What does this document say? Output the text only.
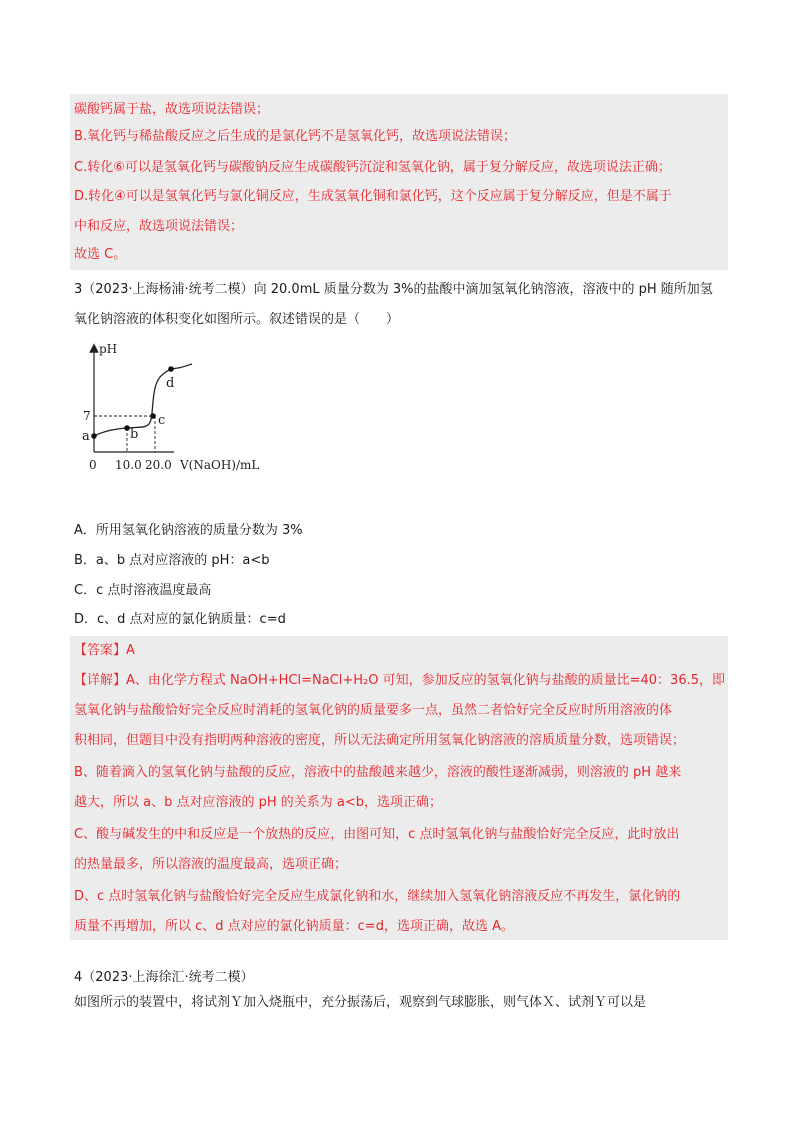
碳酸钙属于盐，故选项说法错误；
B.氧化钙与稀盐酸反应之后生成的是氯化钙不是氢氧化钙，故选项说法错误；
C.转化⑥可以是氢氧化钙与碳酸钠反应生成碳酸钙沉淀和氢氧化钠，属于复分解反应，故选项说法正确；
D.转化④可以是氢氧化钙与氯化铜反应，生成氢氧化铜和氯化钙，这个反应属于复分解反应，但是不属于
中和反应，故选项说法错误；
故选 C。
3（2023·上海杨浦·统考二模）向 20.0mL 质量分数为 3%的盐酸中滴加氢氧化钠溶液，溶液中的 pH 随所加氢
氧化钠溶液的体积变化如图所示。叙述错误的是（　　）
pH
a	b
c
d
7
0 10.0 20.0 V(NaOH)/mL
A．所用氢氧化钠溶液的质量分数为 3%
B．a、b 点对应溶液的 pH：a<b
C．c 点时溶液温度最高
D．c、d 点对应的氯化钠质量：c=d
【答案】A
【详解】A、由化学方程式 NaOH+HCl=NaCl+H₂O 可知，参加反应的氢氧化钠与盐酸的质量比=40：36.5，即
氢氧化钠与盐酸恰好完全反应时消耗的氢氧化钠的质量要多一点，虽然二者恰好完全反应时所用溶液的体
积相同，但题目中没有指明两种溶液的密度，所以无法确定所用氢氧化钠溶液的溶质质量分数，选项错误；
B、随着滴入的氢氧化钠与盐酸的反应，溶液中的盐酸越来越少，溶液的酸性逐渐减弱，则溶液的 pH 越来
越大，所以 a、b 点对应溶液的 pH 的关系为 a<b，选项正确；
C、酸与碱发生的中和反应是一个放热的反应，由图可知，c 点时氢氧化钠与盐酸恰好完全反应，此时放出
的热量最多，所以溶液的温度最高，选项正确；
D、c 点时氢氧化钠与盐酸恰好完全反应生成氯化钠和水，继续加入氢氧化钠溶液反应不再发生，氯化钠的
质量不再增加，所以 c、d 点对应的氯化钠质量：c=d，选项正确，故选 A。
4（2023·上海徐汇·统考二模）
如图所示的装置中，将试剂Ｙ加入烧瓶中，充分振荡后，观察到气球膨胀，则气体Ｘ、试剂Ｙ可以是
